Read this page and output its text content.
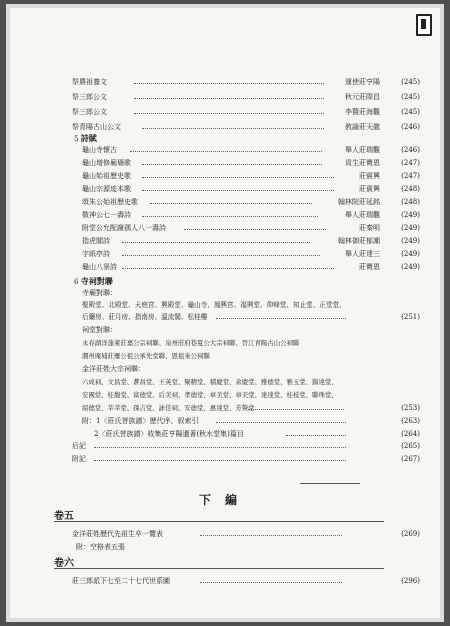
祭農祖養文	運使莊亨陽	(245)
祭三郎公文	秋元莊際昌	(245)
祭三郎公文	李贊莊海觀	(245)
祭青陽古山公文	敎諭莊天龍	(246)
5 詩賦
龜山寺懷古	舉人莊瑞觀	(246)
龜山增修廟墻歌	貢生莊寶恩	(247)
龜山始祖歷史歌	莊賓興	(247)
龜山宗源迹本歌	莊賓興	(248)
頌朱公始祖歷史歌	翰林院莊延銘	(248)
敬神公七一壽詩	舉人莊瑞觀	(249)
附堂公允配謝孺人八一壽詩	莊秦明	(249)
指虎閣詩	翰林御莊郁潮	(249)
字紙亭詩	舉人莊達三	(249)
龜山八景詩	莊寶恩	(249)
6 寺祠對聯
寺廟對聯：
聖殿堂、北殿堂、天庭宮、興殿堂、龜山寺、鳳興宮、福興堂、仰峰堂、知止堂、正堂堂、
后廳房、莊月房、指南房、溫流閣、松桂樓	(251)
祠堂對聯：
永春湖洋蓬萊莊嘉公宗祠聯、泉州莊府巷夏公大宗祠聯、晉江青陽古山公祠聯
潮州庵埔莊雁公祖公承先堂聯、恩祖來公祠聯
金洋莊姓大宗祠聯：
六成祠、文昌堂、蒼昌堂、王英堂、聚精堂、積慶堂、余慶堂、雅德堂、雅玉堂、錦達堂、
安國堂、桂馥堂、富德堂、后美祠、孝德堂、章美堂、章美堂、達達堂、桂枝堂、聯珠堂、
紹德堂、莘莘堂、孫吉堂、詠佳祠、安德堂、惠達堂、芳聲堂	(253)
附：1〈莊氏菩族譜〉歷代序、叙索引	(263)
2〈莊氏菩族譜〉收集莊亨陽遺著(秋水堂集)篇目	(264)
后記	(265)
附記	(267)
下編
卷五
金洋莊姓歷代先祖生卒一覽表	(269)
附：空格表五張
卷六
莊三郎派下七至二十七代世系圖	(296)
